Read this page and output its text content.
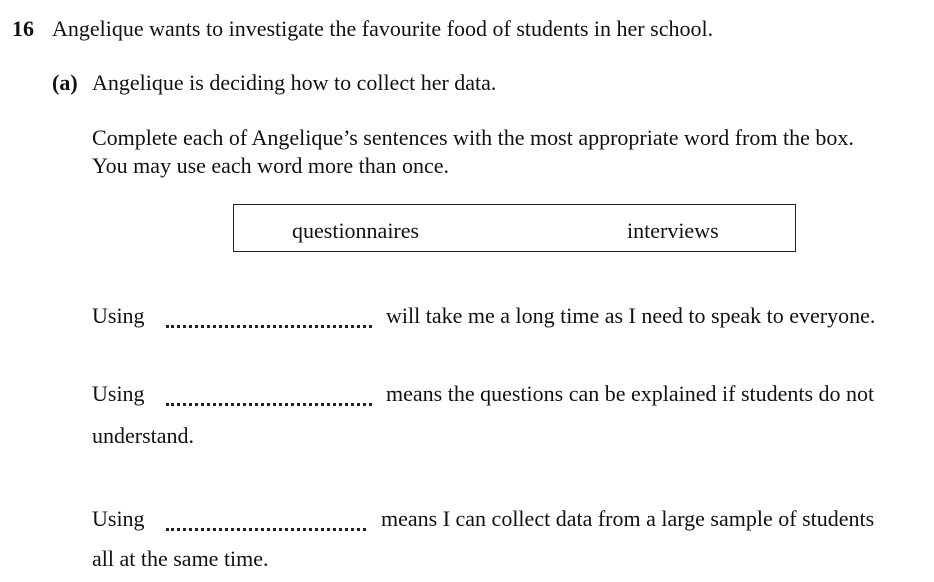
16 Angelique wants to investigate the favourite food of students in her school.
(a) Angelique is deciding how to collect her data.
Complete each of Angelique’s sentences with the most appropriate word from the box.
You may use each word more than once.
questionnaires	interviews
Using	will take me a long time as I need to speak to everyone.
Using	means the questions can be explained if students do not
understand.
Using	means I can collect data from a large sample of students
all at the same time.
